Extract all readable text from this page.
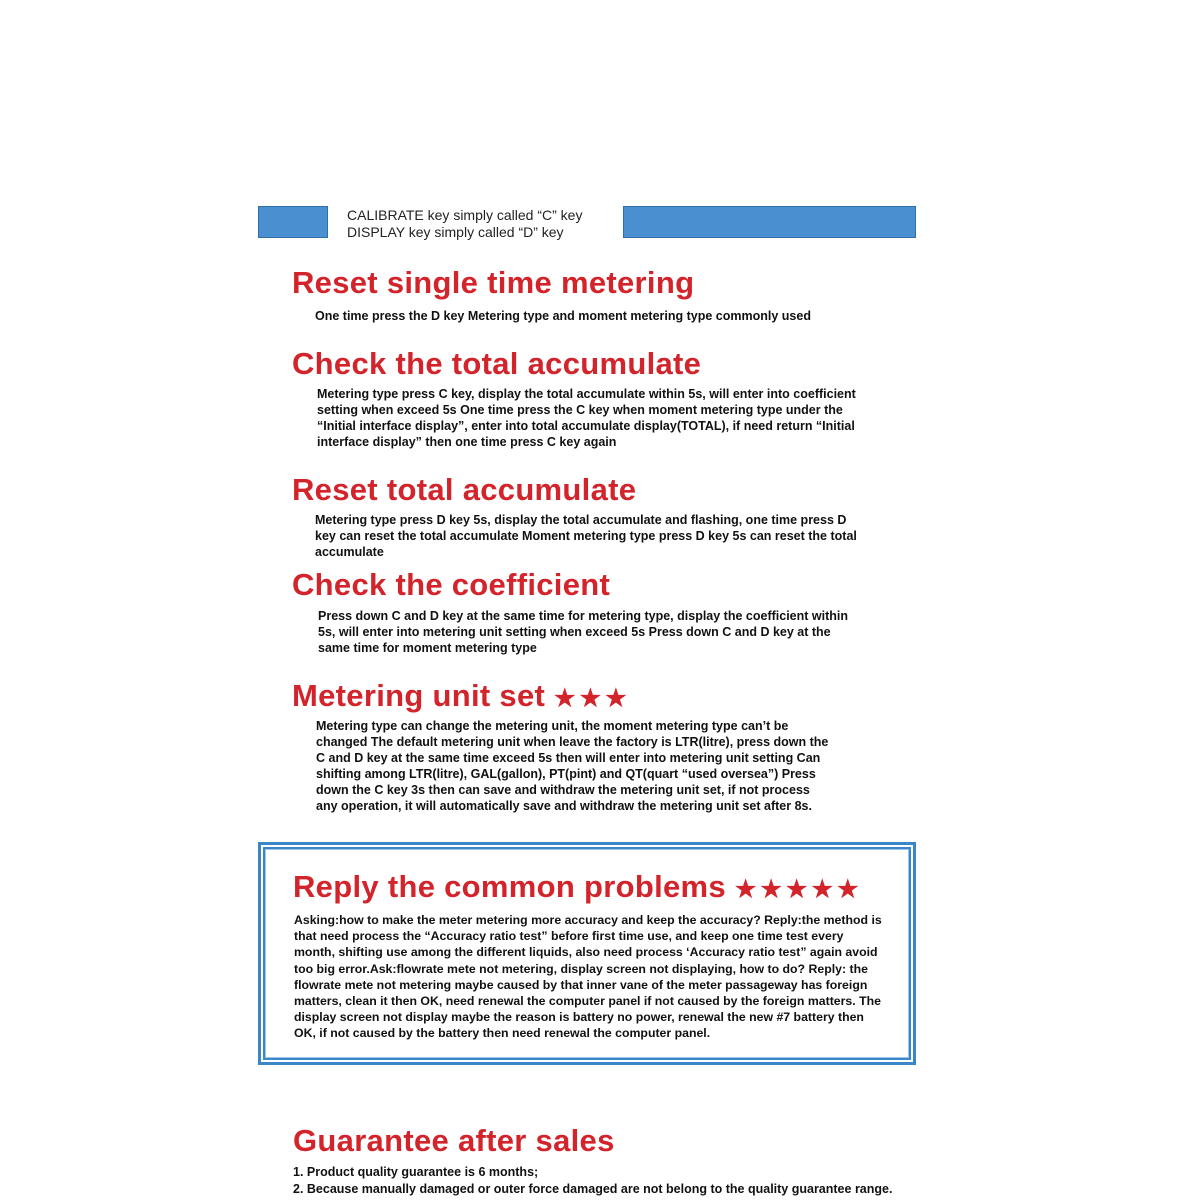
CALIBRATE key simply called “C” key
DISPLAY key simply called “D” key
Reset single time metering
One time press the D key Metering type and moment metering type commonly used
Check the total accumulate
Metering type press C key, display the total accumulate within 5s, will enter into coefficient setting when exceed 5s One time press the C key when moment metering type under the “Initial interface display”, enter into total accumulate display(TOTAL), if need return “Initial interface display” then one time press C key again
Reset total accumulate
Metering type press D key 5s, display the total accumulate and flashing, one time press D key can reset the total accumulate Moment metering type press D key 5s can reset the total accumulate
Check the coefficient
Press down C and D key at the same time for metering type, display the coefficient within 5s, will enter into metering unit setting when exceed 5s Press down C and D key at the same time for moment metering type
Metering unit set ★★★
Metering type can change the metering unit, the moment metering type can’t be changed The default metering unit when leave the factory is LTR(litre), press down the C and D key at the same time exceed 5s then will enter into metering unit setting Can shifting among LTR(litre), GAL(gallon), PT(pint) and QT(quart “used oversea”) Press down the C key 3s then can save and withdraw the metering unit set, if not process any operation, it will automatically save and withdraw the metering unit set after 8s.
Reply the common problems ★★★★★
Asking:how to make the meter metering more accuracy and keep the accuracy? Reply:the method is that need process the “Accuracy ratio test” before first time use, and keep one time test every month, shifting use among the different liquids, also need process ‘Accuracy ratio test” again avoid too big error.Ask:flowrate mete not metering, display screen not displaying, how to do? Reply: the flowrate mete not metering maybe caused by that inner vane of the meter passageway has foreign matters, clean it then OK, need renewal the computer panel if not caused by the foreign matters. The display screen not display maybe the reason is battery no power, renewal the new #7 battery then OK, if not caused by the battery then need renewal the computer panel.
Guarantee after sales
1. Product quality guarantee is 6 months;
2. Because manually damaged or outer force damaged are not belong to the quality guarantee range.
